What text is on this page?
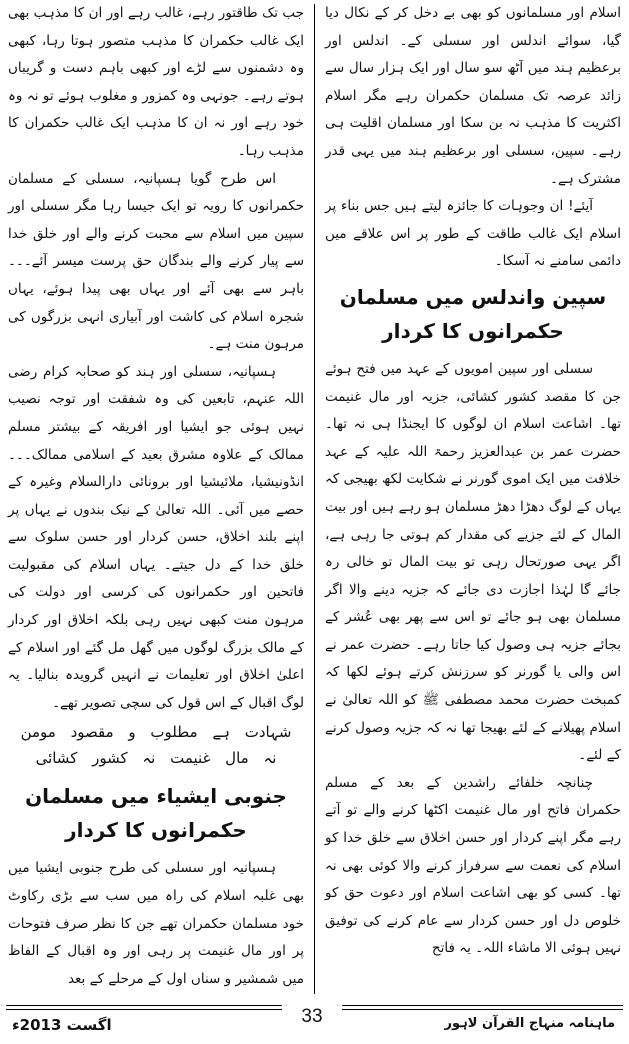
اسلام اور مسلمانوں کو بھی بے دخل کر کے نکال دیا گیا، سوائے اندلس اور سسلی کے۔ اندلس اور برعظیم ہند میں آٹھ سو سال اور ایک ہزار سال سے زائد عرصہ تک مسلمان حکمران رہے مگر اسلام اکثریت کا مذہب نہ بن سکا اور مسلمان اقلیت ہی رہے۔ سپین، سسلی اور برعظیم ہند میں یہی قدر مشترک ہے۔

آیئے! ان وجوہات کا جائزہ لیتے ہیں جس بناء پر اسلام ایک غالب طاقت کے طور پر اس علاقے میں دائمی سامنے نہ آسکا۔

سپین واندلس میں مسلمان حکمرانوں کا کردار

سسلی اور سپین امویوں کے عہد میں فتح ہوئے جن کا مقصد کشور کشائی، جزیہ اور مال غنیمت تھا۔ اشاعت اسلام ان لوگوں کا ایجنڈا ہی نہ تھا۔ حضرت عمر بن عبدالعزیز رحمۃ اللہ علیہ کے عہد خلافت میں ایک اموی گورنر نے شکایت لکھ بھیجی کہ یہاں کے لوگ دھڑا دھڑ مسلمان ہو رہے ہیں اور بیت المال کے لئے جزیے کی مقدار کم ہوتی جا رہی ہے، اگر یہی صورتحال رہی تو بیت المال تو خالی رہ جائے گا لہٰذا اجازت دی جائے کہ جزیہ دینے والا اگر مسلمان بھی ہو جائے تو اس سے پھر بھی عُشر کے بجائے جزیہ ہی وصول کیا جاتا رہے۔ حضرت عمر نے اس والی یا گورنر کو سرزنش کرتے ہوئے لکھا کہ کمبخت حضرت محمد مصطفی ﷺ کو اللہ تعالیٰ نے اسلام پھیلانے کے لئے بھیجا تھا نہ کہ جزیہ وصول کرنے کے لئے۔

چنانچہ خلفائے راشدین کے بعد کے مسلم حکمران فاتح اور مال غنیمت اکٹھا کرنے والے تو آتے رہے مگر اپنے کردار اور حسن اخلاق سے خلق خدا کو اسلام کی نعمت سے سرفراز کرنے والا کوئی بھی نہ تھا۔ کسی کو بھی اشاعت اسلام اور دعوت حق کو خلوص دل اور حسن کردار سے عام کرنے کی توفیق نہیں ہوئی الا ماشاء اللہ۔ یہ فاتح

جب تک طاقتور رہے، غالب رہے اور ان کا مذہب بھی ایک غالب حکمران کا مذہب متصور ہوتا رہا، کبھی وہ دشمنوں سے لڑے اور کبھی باہم دست و گریباں ہوتے رہے۔ جونہی وہ کمزور و مغلوب ہوئے تو نہ وہ خود رہے اور نہ ان کا مذہب ایک غالب حکمران کا مذہب رہا۔

اس طرح گویا ہسپانیہ، سسلی کے مسلمان حکمرانوں کا رویہ تو ایک جیسا رہا مگر سسلی اور سپین میں اسلام سے محبت کرنے والے اور خلق خدا سے پیار کرنے والے بندگان حق پرست میسر آئے۔۔۔ باہر سے بھی آئے اور یہاں بھی پیدا ہوئے، یہاں شجرہ اسلام کی کاشت اور آبیاری انہی بزرگوں کی مرہون منت ہے۔

ہسپانیہ، سسلی اور ہند کو صحابہ کرام رضی اللہ عنہم، تابعین کی وہ شفقت اور توجہ نصیب نہیں ہوئی جو ایشیا اور افریقہ کے بیشتر مسلم ممالک کے علاوہ مشرق بعید کے اسلامی ممالک۔۔۔ انڈونیشیا، ملائیشیا اور برونائی دارالسلام وغیرہ کے حصے میں آئی۔ اللہ تعالیٰ کے نیک بندوں نے یہاں پر اپنے بلند اخلاق، حسن کردار اور حسن سلوک سے خلق خدا کے دل جیتے۔ یہاں اسلام کی مقبولیت فاتحین اور حکمرانوں کی کرسی اور دولت کی مرہون منت کبھی نہیں رہی بلکہ اخلاق اور کردار کے مالک بزرگ لوگوں میں گھل مل گئے اور اسلام کے اعلیٰ اخلاق اور تعلیمات نے انہیں گرویدہ بنالیا۔ یہ لوگ اقبال کے اس قول کی سچی تصویر تھے۔

شہادت ہے مطلوب و مقصود مومن
نہ مال غنیمت نہ کشور کشائی

جنوبی ایشیاء میں مسلمان حکمرانوں کا کردار

ہسپانیہ اور سسلی کی طرح جنوبی ایشیا میں بھی غلبہ اسلام کی راہ میں سب سے بڑی رکاوٹ خود مسلمان حکمران تھے جن کا نظر صرف فتوحات پر اور مال غنیمت پر رہی اور وہ اقبال کے الفاظ میں شمشیر و سناں اول کے مرحلے کے بعد

33
اگست 2013ء	ماہنامہ منہاج القرآن لاہور
